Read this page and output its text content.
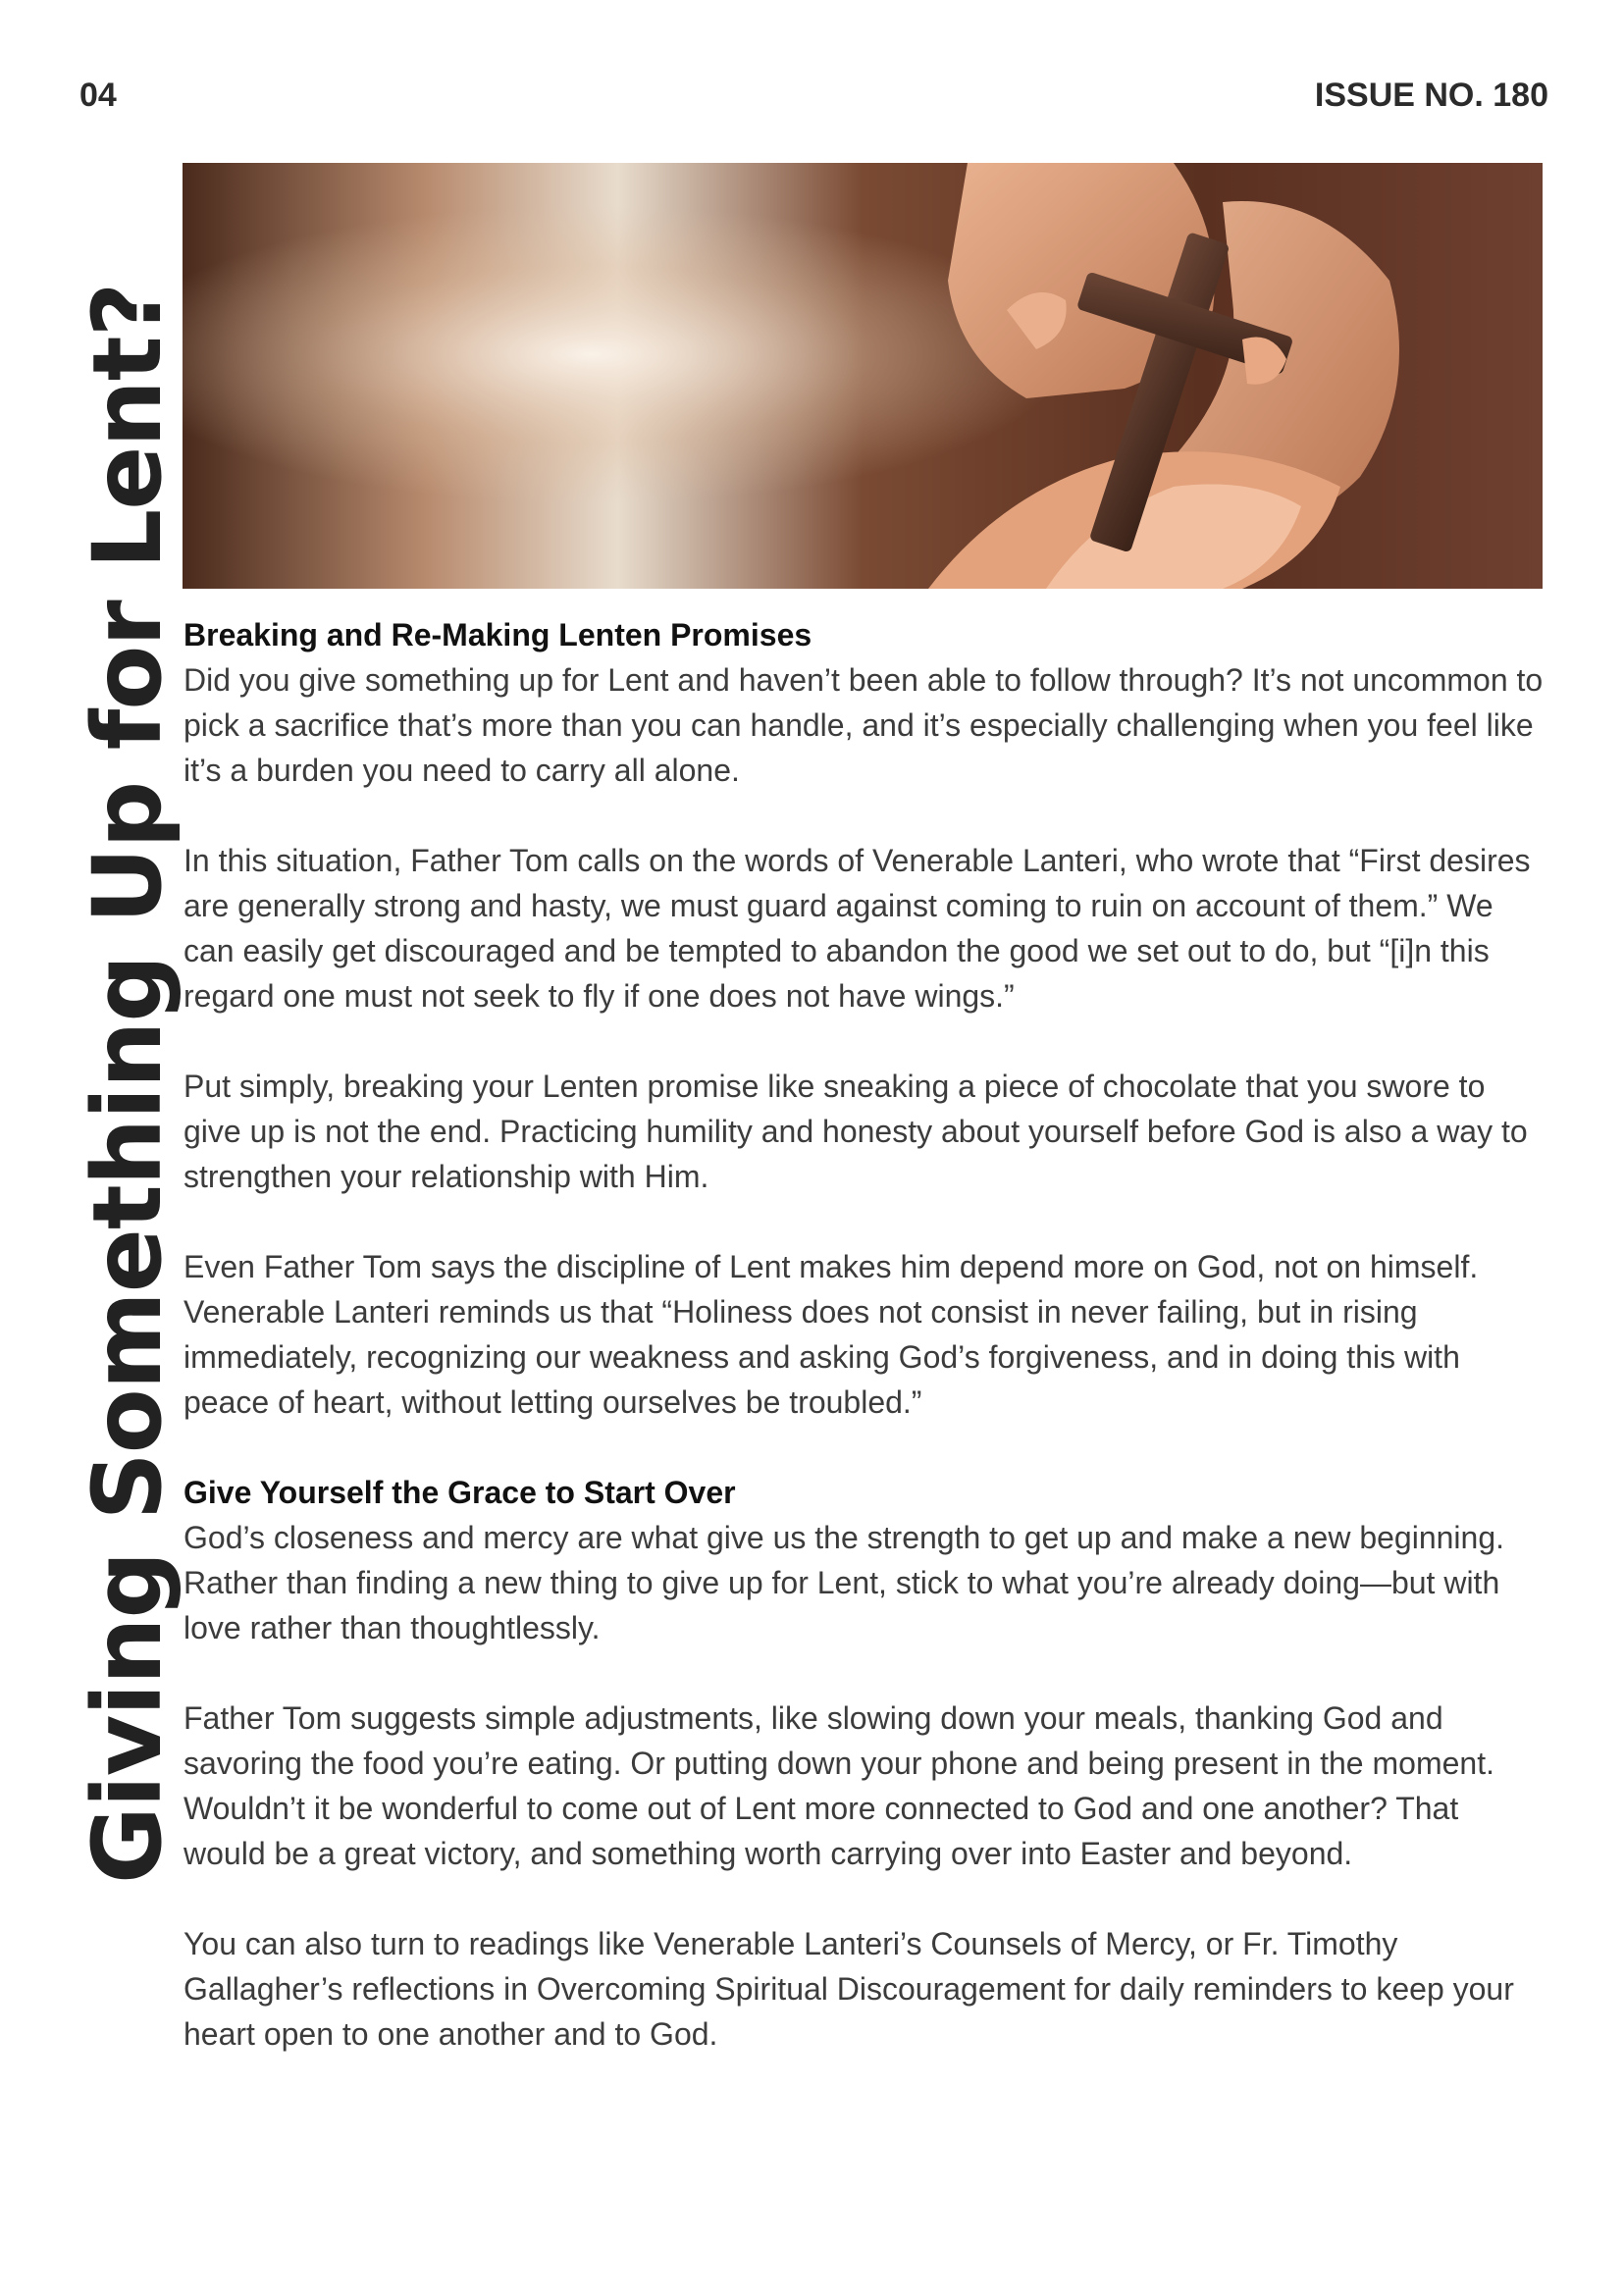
04	ISSUE NO. 180
Giving Something Up for Lent? Breaking and Re-Making Lenten Promises

Did you give something up for Lent and haven’t been able to follow through? It’s not uncommon to pick a sacrifice that’s more than you can handle, and it’s especially challenging when you feel like it’s a burden you need to carry all alone.

In this situation, Father Tom calls on the words of Venerable Lanteri, who wrote that “First desires are generally strong and hasty, we must guard against coming to ruin on account of them.” We can easily get discouraged and be tempted to abandon the good we set out to do, but “[i]n this regard one must not seek to fly if one does not have wings.”

Put simply, breaking your Lenten promise like sneaking a piece of chocolate that you swore to give up is not the end. Practicing humility and honesty about yourself before God is also a way to strengthen your relationship with Him.

Even Father Tom says the discipline of Lent makes him depend more on God, not on himself. Venerable Lanteri reminds us that “Holiness does not consist in never failing, but in rising immediately, recognizing our weakness and asking God’s forgiveness, and in doing this with peace of heart, without letting ourselves be troubled.”

Give Yourself the Grace to Start Over

God’s closeness and mercy are what give us the strength to get up and make a new beginning. Rather than finding a new thing to give up for Lent, stick to what you’re already doing—but with love rather than thoughtlessly.

Father Tom suggests simple adjustments, like slowing down your meals, thanking God and savoring the food you’re eating. Or putting down your phone and being present in the moment. Wouldn’t it be wonderful to come out of Lent more connected to God and one another? That would be a great victory, and something worth carrying over into Easter and beyond.

You can also turn to readings like Venerable Lanteri’s Counsels of Mercy, or Fr. Timothy Gallagher’s reflections in Overcoming Spiritual Discouragement for daily reminders to keep your heart open to one another and to God.
